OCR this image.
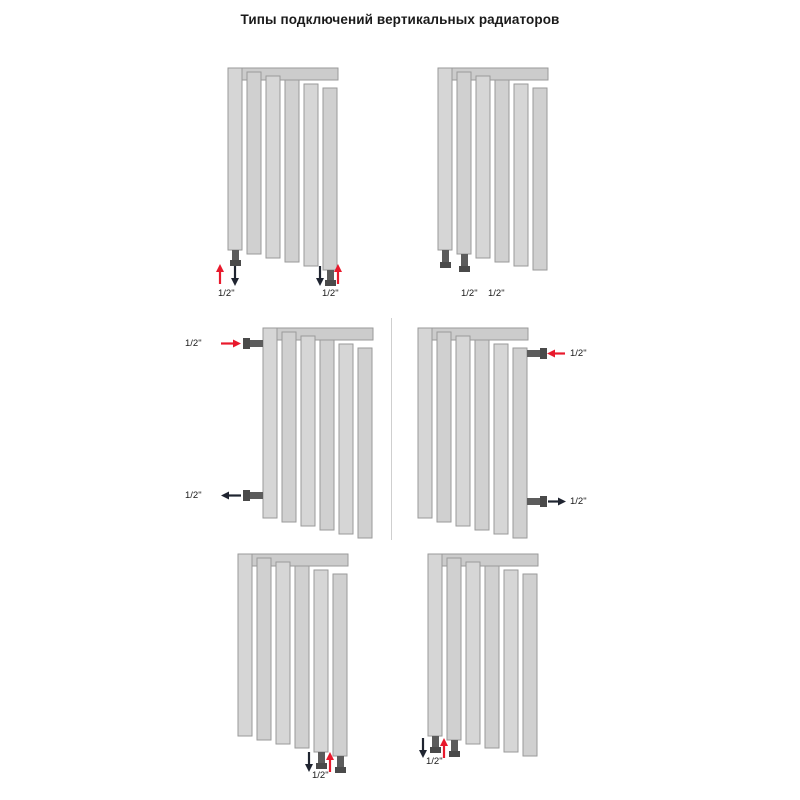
Типы подключений вертикальных радиаторов
1/2"	1/2"	1/2" 1/2"
1/2"
1/2"
1/2"
1/2"
1/2"
1/2"
